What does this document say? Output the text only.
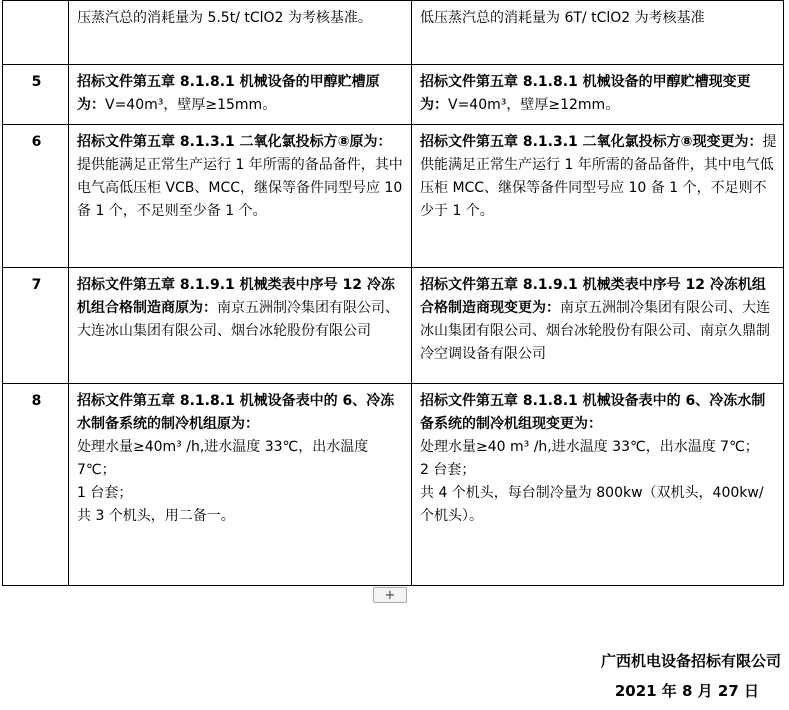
	压蒸汽总的消耗量为 5.5t/ tClO2 为考核基准。	低压蒸汽总的消耗量为 6T/ tClO2 为考核基准
5	招标文件第五章 8.1.8.1 机械设备的甲醇贮槽原为：V=40m³，壁厚≥15mm。	招标文件第五章 8.1.8.1 机械设备的甲醇贮槽现变更为：V=40m³，壁厚≥12mm。
6	招标文件第五章 8.1.3.1 二氧化氯投标方⑧原为：提供能满足正常生产运行 1 年所需的备品备件，其中电气高低压柜 VCB、MCC，继保等备件同型号应 10 备 1 个，不足则至少备 1 个。	招标文件第五章 8.1.3.1 二氧化氯投标方⑧现变更为：提供能满足正常生产运行 1 年所需的备品备件，其中电气低压柜 MCC、继保等备件同型号应 10 备 1 个，不足则不少于 1 个。
7	招标文件第五章 8.1.9.1 机械类表中序号 12 冷冻机组合格制造商原为：南京五洲制冷集团有限公司、大连冰山集团有限公司、烟台冰轮股份有限公司	招标文件第五章 8.1.9.1 机械类表中序号 12 冷冻机组合格制造商现变更为：南京五洲制冷集团有限公司、大连冰山集团有限公司、烟台冰轮股份有限公司、南京久鼎制冷空调设备有限公司
8	招标文件第五章 8.1.8.1 机械设备表中的 6、冷冻水制备系统的制冷机组原为：
处理水量≥40m³ /h,进水温度 33℃，出水温度 7℃；
1 台套；
共 3 个机头，用二备一。	招标文件第五章 8.1.8.1 机械设备表中的 6、冷冻水制备系统的制冷机组现变更为：
处理水量≥40 m³ /h,进水温度 33℃，出水温度 7℃；
2 台套；
共 4 个机头，每台制冷量为 800kw（双机头，400kw/个机头）。
+
广西机电设备招标有限公司
2021 年 8 月 27 日
